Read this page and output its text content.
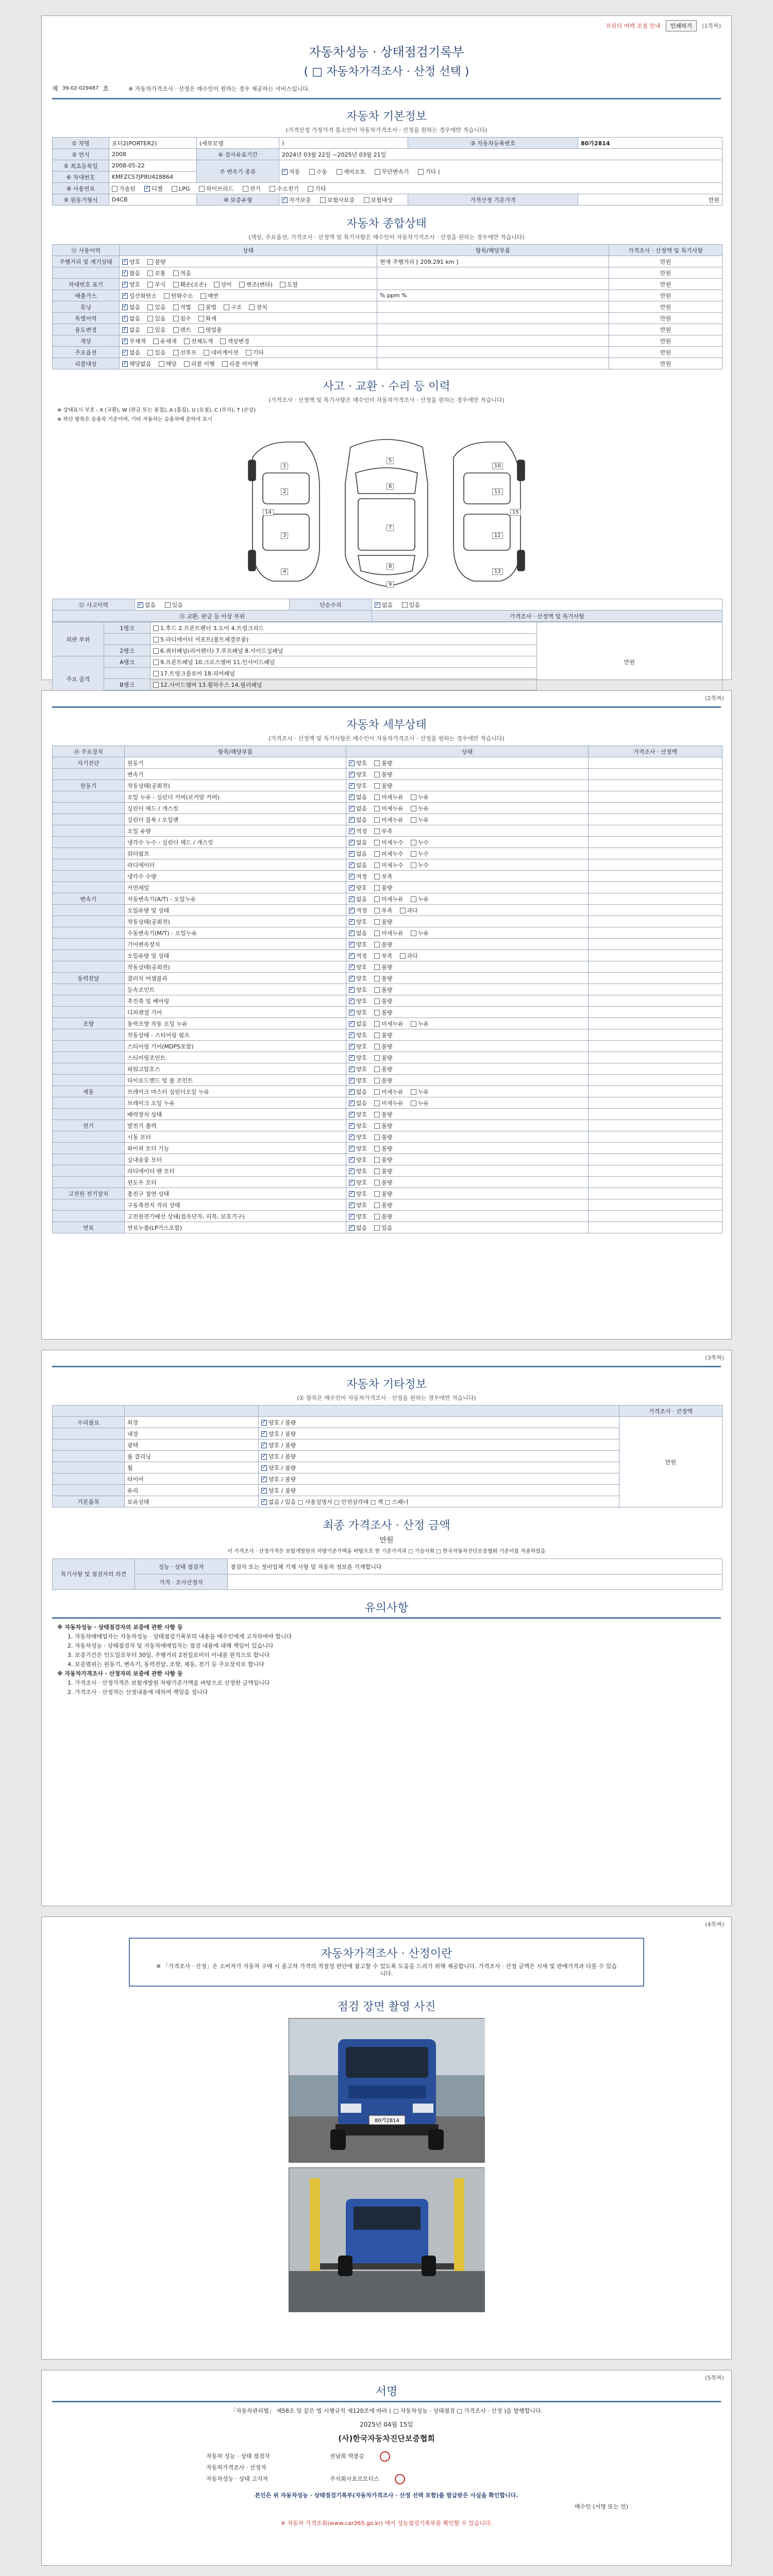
프린터 여백 조절 안내	인쇄하기	(1쪽짜)
자동차성능 · 상태점검기록부
( □ 자동차가격조사 · 산정 선택 )
제 39-02-029487 호	※ 자동차가격조사 · 산정은 매수인이 원하는 경우 제공하는 서비스입니다.
자동차 기본정보
(가격산정 가정가격 틀소안이 자동차가격조사 · 산정을 원하는 경우에만 적습니다)
① 차명	포터2(PORTER2)	(세부모델	)	③ 자동차등록번호	80가2814
② 연식	2008	④ 검사유효기간	2024년 03월 22일 ~2025년 03월 21일		
⑤ 최초등록일	2008-05-22	⑦ 변속기 종류	✓자동 수동 세미오토 무단변속기 기타 (
⑥ 차대번호	KMFZCS7JP8U428864				
⑧ 사용연료	가솔린 ✓ 디젤 LPG 하이브리드 전기 수소전기 기타
⑨ 원동기형식	D4CB	⑩ 보증유형	✓자가보증 보험사보증 보험대상	가격산정 기준가격	만원
자동차 종합상태
(색상, 주요옵션, 가격조사 · 산정액 및 특기사항은 매수인이 자동차가격조사 · 산정을 원하는 경우에만 적습니다)
⑪ 사용이력	상태	항목/해당부품	가격조사 · 산정액 및 특기사항
주행거리 및 계기상태	✓양호 불량	현재 주행거리 [ 209,291 km ]	만원
	✓많음 보통 적음		만원
차대번호 표기	✓양호 부식 훼손(오손) 상이 변조(변타) 도말		만원
배출가스	✓일산화탄소 탄화수소 매연	% ppm %	만원
튜닝	✓없음 있음 적법 불법 구조 장치		만원
특별이력	✓없음 있음 침수 화재		만원
용도변경	✓없음 있음 렌트 영업용		만원
색상	✓무채색 유채색 전체도색 색상변경		만원
주요옵션	✓없음 있음 선루프 네비게이션 기타		만원
리콜대상	✓해당없음 해당 리콜 이행 리콜 미이행		만원
사고 · 교환 · 수리 등 이력
(가격조사 · 산정액 및 특기사항은 매수인이 자동차가격조사 · 산정을 원하는 경우에만 적습니다)
※ 상태표시 부호 : X (교환), W (판금 또는 용접), A (흠집), U (요철), C (부식), T (손상)
※ 하단 항목은 승용차 기준이며, 기타 자동차는 승용차에 준하여 표시
1
2
3
4
5
6
7
8
9
10
11
12
13
14	15
⑫ 사고이력	✓없음 있음	단순수리	✓없음 있음
⑬ 교환, 판금 등 이상 부위			가격조사 · 산정액 및 특기사항
외판 부위	1랭크	1.후드 2.프론트펜더 3.도어 4.트렁크리드	만원
		5.라디에이터 서포트(볼트체결부품)	
	2랭크	6.쿼터패널(리어펜더) 7.루프패널 8.사이드실패널	
주요 골격	A랭크	9.프론트패널 10.크로스멤버 11.인사이드패널	
		17.트렁크플로어 18.리어패널	
	B랭크	12.사이드멤버 13.휠하우스 14.필러패널	

(2쪽짜)
자동차 세부상태
(가격조사 · 산정액 및 특기사항은 매수인이 자동차가격조사 · 산정을 원하는 경우에만 적습니다)
⑭ 주요장치	항목/해당부품	상태	가격조사 · 산정액
자기진단	원동기	✓양호 불량	
	변속기	✓양호 불량	
원동기	작동상태(공회전)	✓양호 불량	
	오일 누유 - 실린더 커버(로커암 커버)	✓없음 미세누유 누유	
	실린더 헤드 / 개스킷	✓없음 미세누유 누유	
	실린더 블록 / 오일팬	✓없음 미세누유 누유	
	오일 유량	✓적정 부족	
	냉각수 누수 - 실린더 헤드 / 개스킷	✓없음 미세누수 누수	
	워터펌프	✓없음 미세누수 누수	
	라디에이터	✓없음 미세누수 누수	
	냉각수 수량	✓적정 부족	
	커먼레일	✓양호 불량	
변속기	자동변속기(A/T) - 오일누유	✓없음 미세누유 누유	
	오일유량 및 상태	✓적정 부족 과다	
	작동상태(공회전)	✓양호 불량	
	수동변속기(M/T) - 오일누유	✓없음 미세누유 누유	
	기어변속장치	✓양호 불량	
	오일유량 및 상태	✓적정 부족 과다	
	작동상태(공회전)	✓양호 불량	
동력전달	클러치 어셈블리	✓양호 불량	
	등속조인트	✓양호 불량	
	추진축 및 베어링	✓양호 불량	
	디퍼렌셜 기어	✓양호 불량	
조향	동력조향 작동 오일 누유	✓없음 미세누유 누유	
	작동상태 - 스티어링 펌프	✓양호 불량	
	스티어링 기어(MDPS포함)	✓양호 불량	
	스티어링조인트	✓양호 불량	
	파워고압호스	✓양호 불량	
	타이로드엔드 및 볼 조인트	✓양호 불량	
제동	브레이크 마스터 실린더오일 누유	✓없음 미세누유 누유	
	브레이크 오일 누유	✓없음 미세누유 누유	
	배력장치 상태	✓양호 불량	
전기	발전기 출력	✓양호 불량	
	시동 모터	✓양호 불량	
	와이퍼 모터 기능	✓양호 불량	
	실내송풍 모터	✓양호 불량	
	라디에이터 팬 모터	✓양호 불량	
	윈도우 모터	✓양호 불량	
고전원 전기장치	충전구 절연 상태	✓양호 불량	
	구동축전지 격리 상태	✓양호 불량	
	고전원전기배선 상태(접속단자, 피복, 보호기구)	✓양호 불량	
연료	연료누출(LP가스포함)	✓없음 있음	
(3쪽짜)
자동차 기타정보
(① 항목은 매수인이 자동차가격조사 · 산정을 원하는 경우에만 적습니다)
			가격조사 · 산정액
수리필요	외장	✓양호 / 불량	만원
	내장	✓양호 / 불량
	광택	✓양호 / 불량
	룸 클리닝	✓양호 / 불량
	휠	✓양호 / 불량
	타이어	✓양호 / 불량
	유리	✓양호 / 불량
기본품목	보유상태	✓없음 / 있음 □ 사용설명서 □ 안전삼각대 □ 잭 □ 스패너
최종 가격조사 · 산정 금액
만원
이 가격조사 · 산정가격은 보험개발원의 차량기준가액을 바탕으로 한 기준가격과 □ 기술사회 □ 한국자동차진단보증협회 기준서를 적용하였음
특기사항 및 점검자의 의견	성능 · 상태 점검자	점검자 또는 정비업체 기재 사항 및 자동차 정보를 기재합니다
	가격 · 조사산정자	
유의사항
※ 자동차성능 · 상태점검자의 보증에 관한 사항 등
1. 자동차매매업자는 자동차성능 · 상태점검기록부의 내용을 매수인에게 고지하여야 합니다
2. 자동차성능 · 상태점검자 및 자동차매매업자는 점검 내용에 대해 책임이 있습니다
3. 보증기간은 인도일로부터 30일, 주행거리 2천킬로미터 이내를 원칙으로 합니다
4. 보증범위는 원동기, 변속기, 동력전달, 조향, 제동, 전기 등 주요장치로 합니다
※ 자동차가격조사 · 산정자의 보증에 관한 사항 등
1. 가격조사 · 산정가격은 보험개발원 차량기준가액을 바탕으로 산정한 금액입니다
2. 가격조사 · 산정자는 산정내용에 대하여 책임을 집니다
(4쪽짜)
자동차가격조사 · 산정이란
※ 「가격조사 · 산정」은 소비자가 자동차 구매 시 중고차 가격의 적절성 판단에 참고할 수 있도록 도움을 드리기 위해 제공합니다. 가격조사 · 산정 금액은 시세 및 판매가격과 다를 수 있습니다.
점검 장면 촬영 사진
80가2814
(5쪽짜)
서명
「자동차관리법」 제58조 및 같은 법 시행규칙 제120조에 따라 ( □ 자동차성능 · 상태점검 □ 가격조사 · 산정 )을 발행합니다.
2025년 04월 15일
(사)한국자동차진단보증협회
자동차 성능 · 상태 점검자	권남희 박봉승
자동차가격조사 · 산정자
자동차성능 · 상태 고지자	주식회사포르모터스
본인은 위 자동차성능 · 상태점검기록부(자동차가격조사 · 산정 선택 포함)를 발급받은 사실을 확인합니다.
매수인 (서명 또는 인)
※ 자동차 가격조회(www.car365.go.kr) 에서 성능점검기록부를 확인할 수 있습니다.
